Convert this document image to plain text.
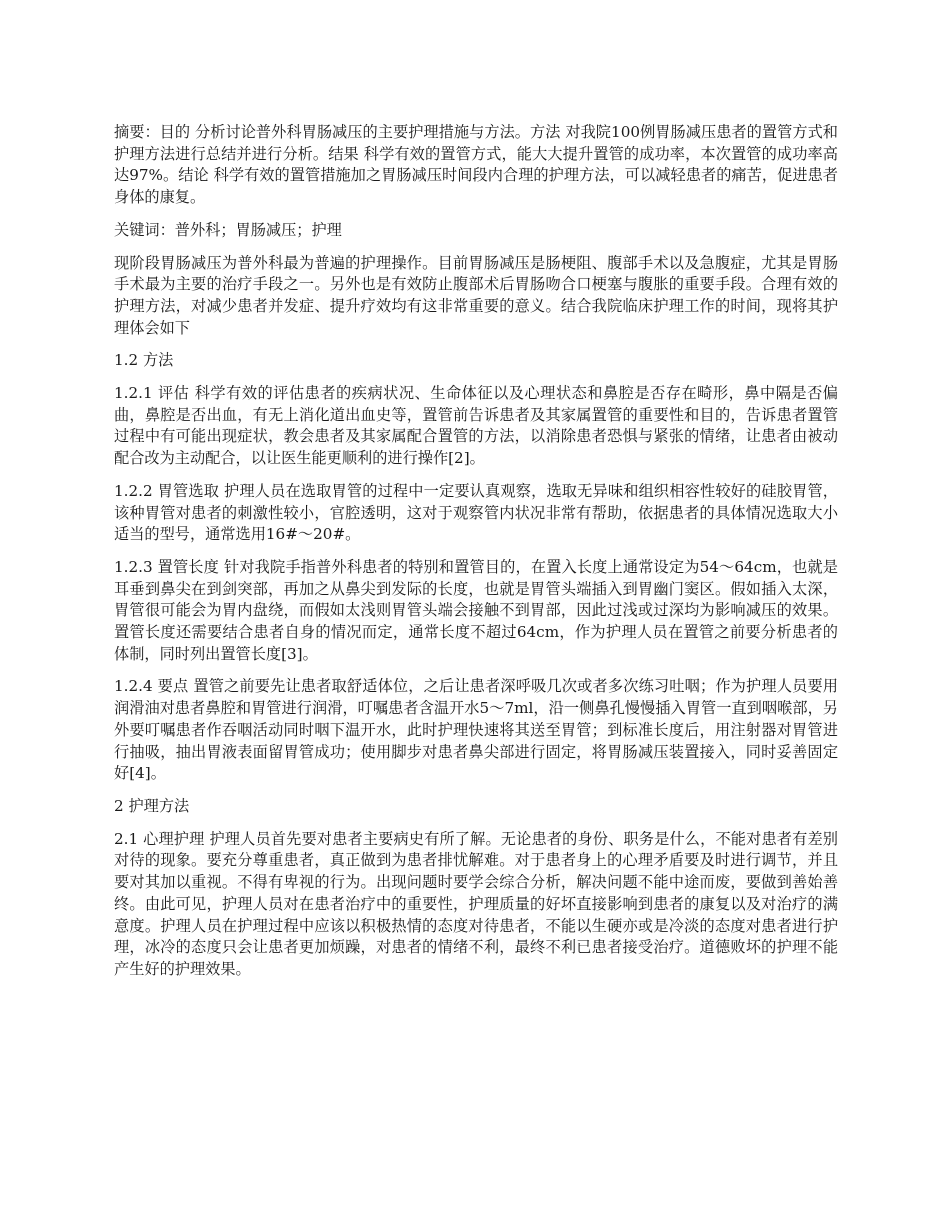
摘要：目的 分析讨论普外科胃肠减压的主要护理措施与方法。方法 对我院100例胃肠减压患者的置管方式和护理方法进行总结并进行分析。结果 科学有效的置管方式，能大大提升置管的成功率，本次置管的成功率高达97%。结论 科学有效的置管措施加之胃肠减压时间段内合理的护理方法，可以减轻患者的痛苦，促进患者身体的康复。

关键词：普外科；胃肠减压；护理

现阶段胃肠减压为普外科最为普遍的护理操作。目前胃肠减压是肠梗阻、腹部手术以及急腹症，尤其是胃肠手术最为主要的治疗手段之一。另外也是有效防止腹部术后胃肠吻合口梗塞与腹胀的重要手段。合理有效的护理方法，对减少患者并发症、提升疗效均有这非常重要的意义。结合我院临床护理工作的时间，现将其护理体会如下

1.2 方法

1.2.1 评估 科学有效的评估患者的疾病状况、生命体征以及心理状态和鼻腔是否存在畸形，鼻中隔是否偏曲，鼻腔是否出血，有无上消化道出血史等，置管前告诉患者及其家属置管的重要性和目的，告诉患者置管过程中有可能出现症状，教会患者及其家属配合置管的方法，以消除患者恐惧与紧张的情绪，让患者由被动配合改为主动配合，以让医生能更顺利的进行操作[2]。

1.2.2 胃管选取 护理人员在选取胃管的过程中一定要认真观察，选取无异味和组织相容性较好的硅胶胃管，该种胃管对患者的刺激性较小，官腔透明，这对于观察管内状况非常有帮助，依据患者的具体情况选取大小适当的型号，通常选用16#～20#。

1.2.3 置管长度 针对我院手指普外科患者的特别和置管目的，在置入长度上通常设定为54～64cm，也就是耳垂到鼻尖在到剑突部，再加之从鼻尖到发际的长度，也就是胃管头端插入到胃幽门窦区。假如插入太深，胃管很可能会为胃内盘绕，而假如太浅则胃管头端会接触不到胃部，因此过浅或过深均为影响减压的效果。置管长度还需要结合患者自身的情况而定，通常长度不超过64cm，作为护理人员在置管之前要分析患者的体制，同时列出置管长度[3]。

1.2.4 要点 置管之前要先让患者取舒适体位，之后让患者深呼吸几次或者多次练习吐咽；作为护理人员要用润滑油对患者鼻腔和胃管进行润滑，叮嘱患者含温开水5～7ml，沿一侧鼻孔慢慢插入胃管一直到咽喉部，另外要叮嘱患者作吞咽活动同时咽下温开水，此时护理快速将其送至胃管；到标准长度后，用注射器对胃管进行抽吸，抽出胃液表面留胃管成功；使用脚步对患者鼻尖部进行固定，将胃肠减压装置接入，同时妥善固定好[4]。

2 护理方法

2.1 心理护理 护理人员首先要对患者主要病史有所了解。无论患者的身份、职务是什么，不能对患者有差别对待的现象。要充分尊重患者，真正做到为患者排忧解难。对于患者身上的心理矛盾要及时进行调节，并且要对其加以重视。不得有卑视的行为。出现问题时要学会综合分析，解决问题不能中途而废，要做到善始善终。由此可见，护理人员对在患者治疗中的重要性，护理质量的好坏直接影响到患者的康复以及对治疗的满意度。护理人员在护理过程中应该以积极热情的态度对待患者，不能以生硬亦或是冷淡的态度对患者进行护理，冰冷的态度只会让患者更加烦躁，对患者的情绪不利，最终不利已患者接受治疗。道德败坏的护理不能产生好的护理效果。
